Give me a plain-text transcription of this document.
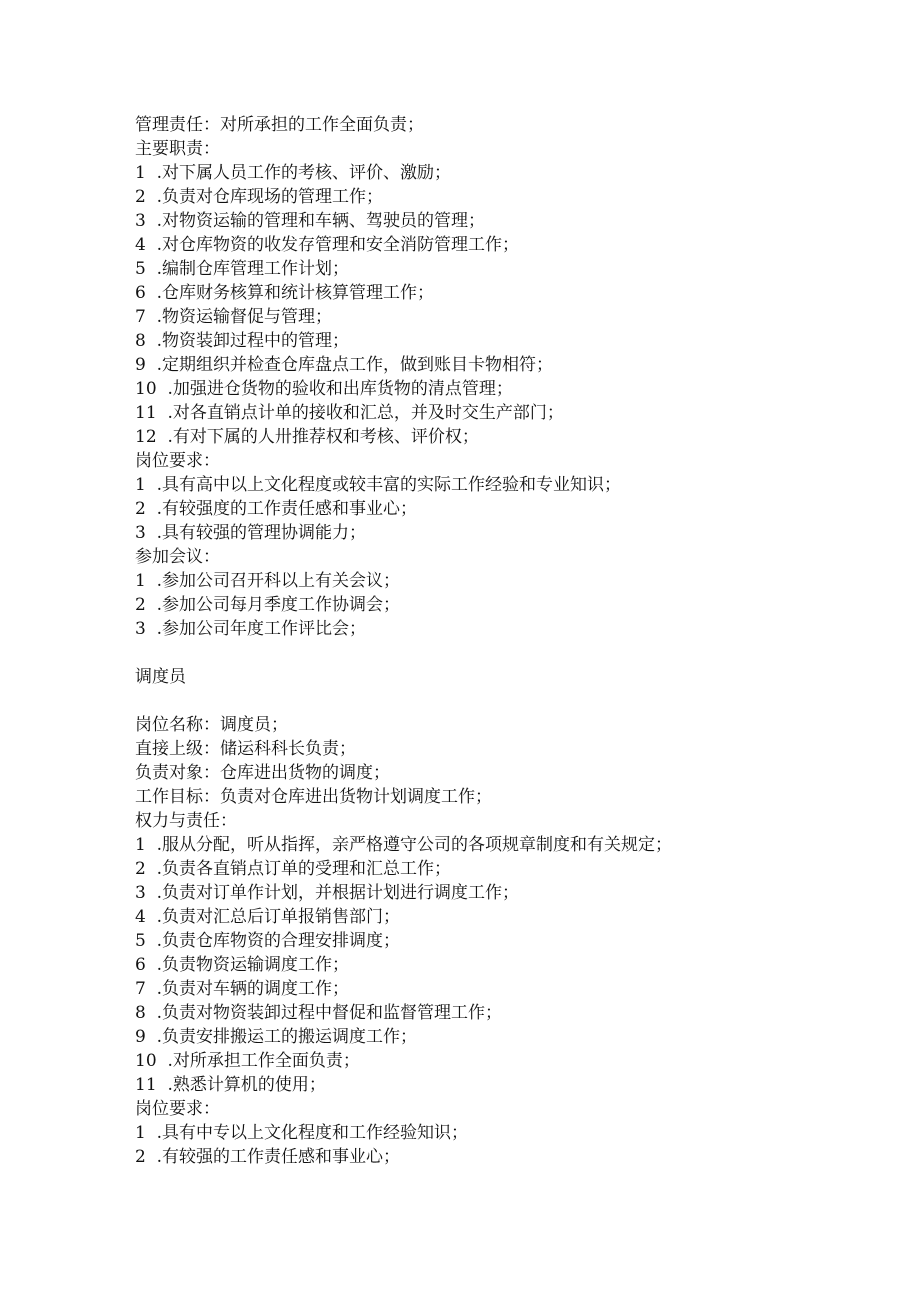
管理责任：对所承担的工作全面负责；
主要职责：
1  .对下属人员工作的考核、评价、激励；
2  .负责对仓库现场的管理工作；
3  .对物资运输的管理和车辆、驾驶员的管理；
4  .对仓库物资的收发存管理和安全消防管理工作；
5  .编制仓库管理工作计划；
6  .仓库财务核算和统计核算管理工作；
7  .物资运输督促与管理；
8  .物资装卸过程中的管理；
9  .定期组织并检查仓库盘点工作，做到账目卡物相符；
10  .加强进仓货物的验收和出库货物的清点管理；
11  .对各直销点计单的接收和汇总，并及时交生产部门；
12  .有对下属的人卅推荐权和考核、评价权；
岗位要求：
1  .具有高中以上文化程度或较丰富的实际工作经验和专业知识；
2  .有较强度的工作责任感和事业心；
3  .具有较强的管理协调能力；
参加会议：
1  .参加公司召开科以上有关会议；
2  .参加公司每月季度工作协调会；
3  .参加公司年度工作评比会；
调度员
岗位名称：调度员；
直接上级：储运科科长负责；
负责对象：仓库进出货物的调度；
工作目标：负责对仓库进出货物计划调度工作；
权力与责任：
1  .服从分配，听从指挥，亲严格遵守公司的各项规章制度和有关规定；
2  .负责各直销点订单的受理和汇总工作；
3  .负责对订单作计划，并根据计划进行调度工作；
4  .负责对汇总后订单报销售部门；
5  .负责仓库物资的合理安排调度；
6  .负责物资运输调度工作；
7  .负责对车辆的调度工作；
8  .负责对物资装卸过程中督促和监督管理工作；
9  .负责安排搬运工的搬运调度工作；
10  .对所承担工作全面负责；
11  .熟悉计算机的使用；
岗位要求：
1  .具有中专以上文化程度和工作经验知识；
2  .有较强的工作责任感和事业心；
